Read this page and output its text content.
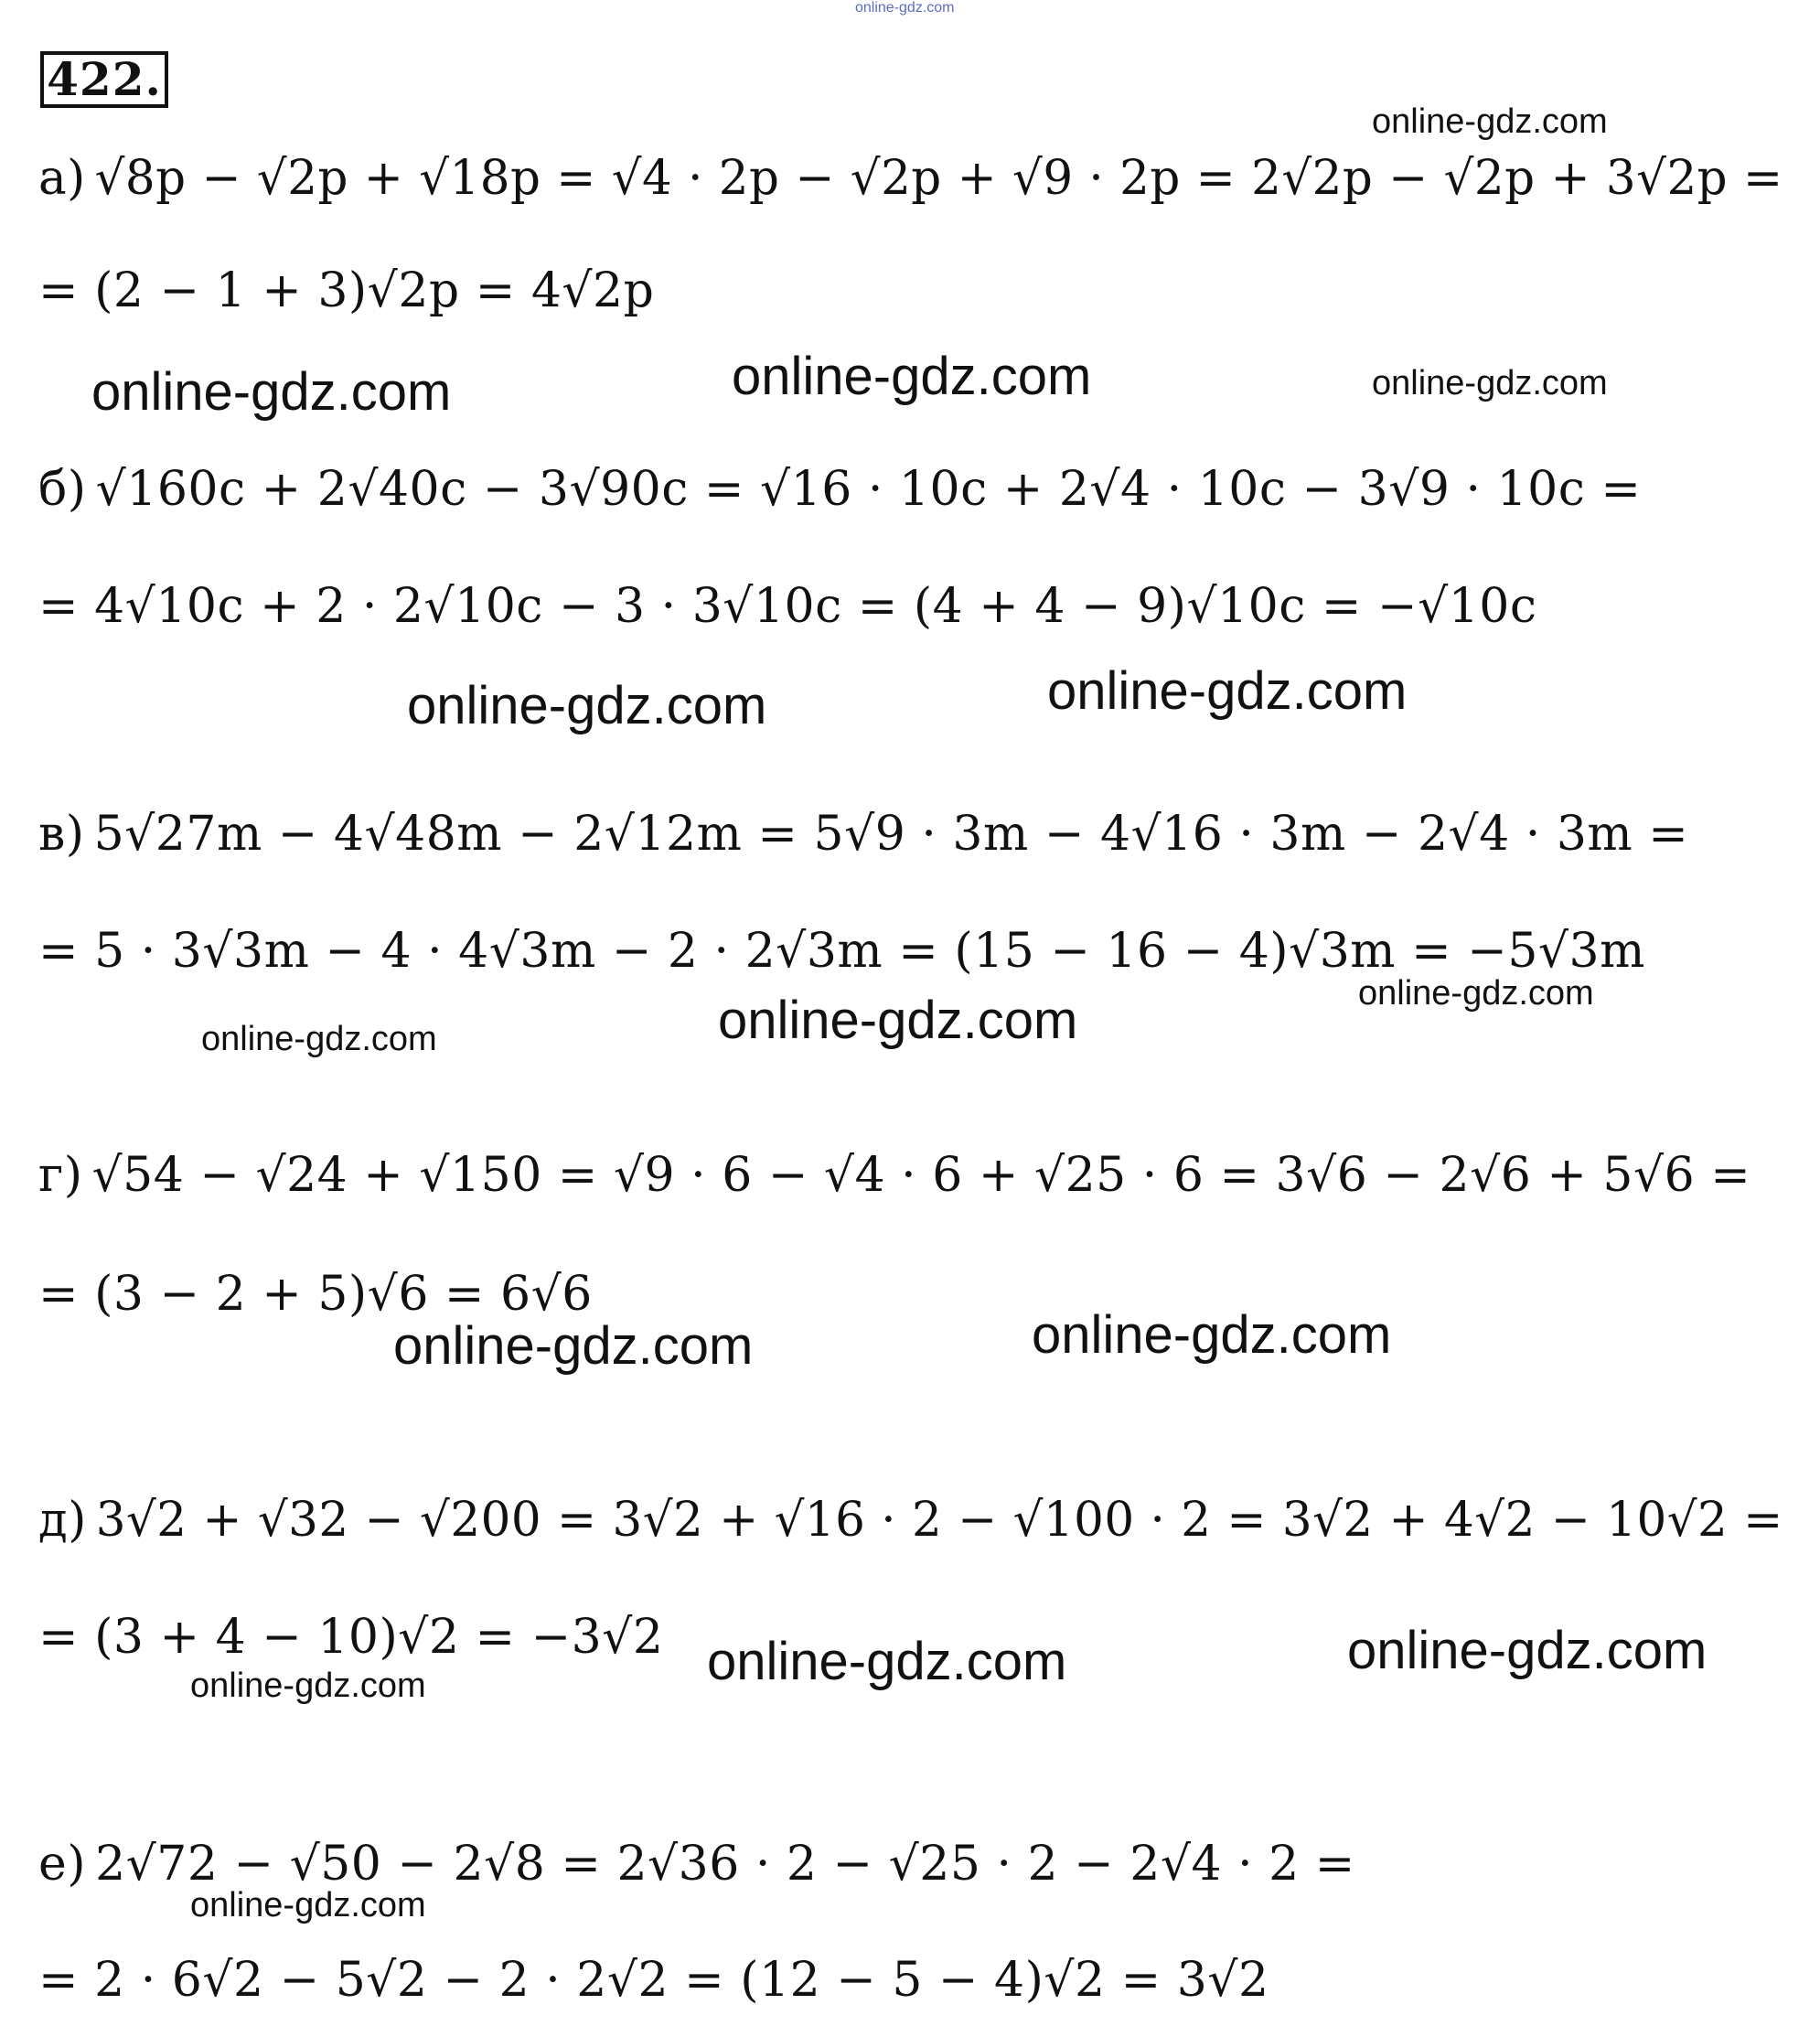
online-gdz.com
422.
а) √8p − √2p + √18p = √4 · 2p − √2p + √9 · 2p = 2√2p − √2p + 3√2p =
= (2 − 1 + 3)√2p = 4√2p
б) √160c + 2√40c − 3√90c = √16 · 10c + 2√4 · 10c − 3√9 · 10c =
= 4√10c + 2 · 2√10c − 3 · 3√10c = (4 + 4 − 9)√10c = −√10c
в) 5√27m − 4√48m − 2√12m = 5√9 · 3m − 4√16 · 3m − 2√4 · 3m =
= 5 · 3√3m − 4 · 4√3m − 2 · 2√3m = (15 − 16 − 4)√3m = −5√3m
г) √54 − √24 + √150 = √9 · 6 − √4 · 6 + √25 · 6 = 3√6 − 2√6 + 5√6 =
= (3 − 2 + 5)√6 = 6√6
д) 3√2 + √32 − √200 = 3√2 + √16 · 2 − √100 · 2 = 3√2 + 4√2 − 10√2 =
= (3 + 4 − 10)√2 = −3√2
е) 2√72 − √50 − 2√8 = 2√36 · 2 − √25 · 2 − 2√4 · 2 =
= 2 · 6√2 − 5√2 − 2 · 2√2 = (12 − 5 − 4)√2 = 3√2
online-gdz.com
online-gdz.com	online-gdz.com	online-gdz.com
online-gdz.com	online-gdz.com
online-gdz.com
online-gdz.com	online-gdz.com
online-gdz.com	online-gdz.com
online-gdz.com	online-gdz.com	online-gdz.com
online-gdz.com
